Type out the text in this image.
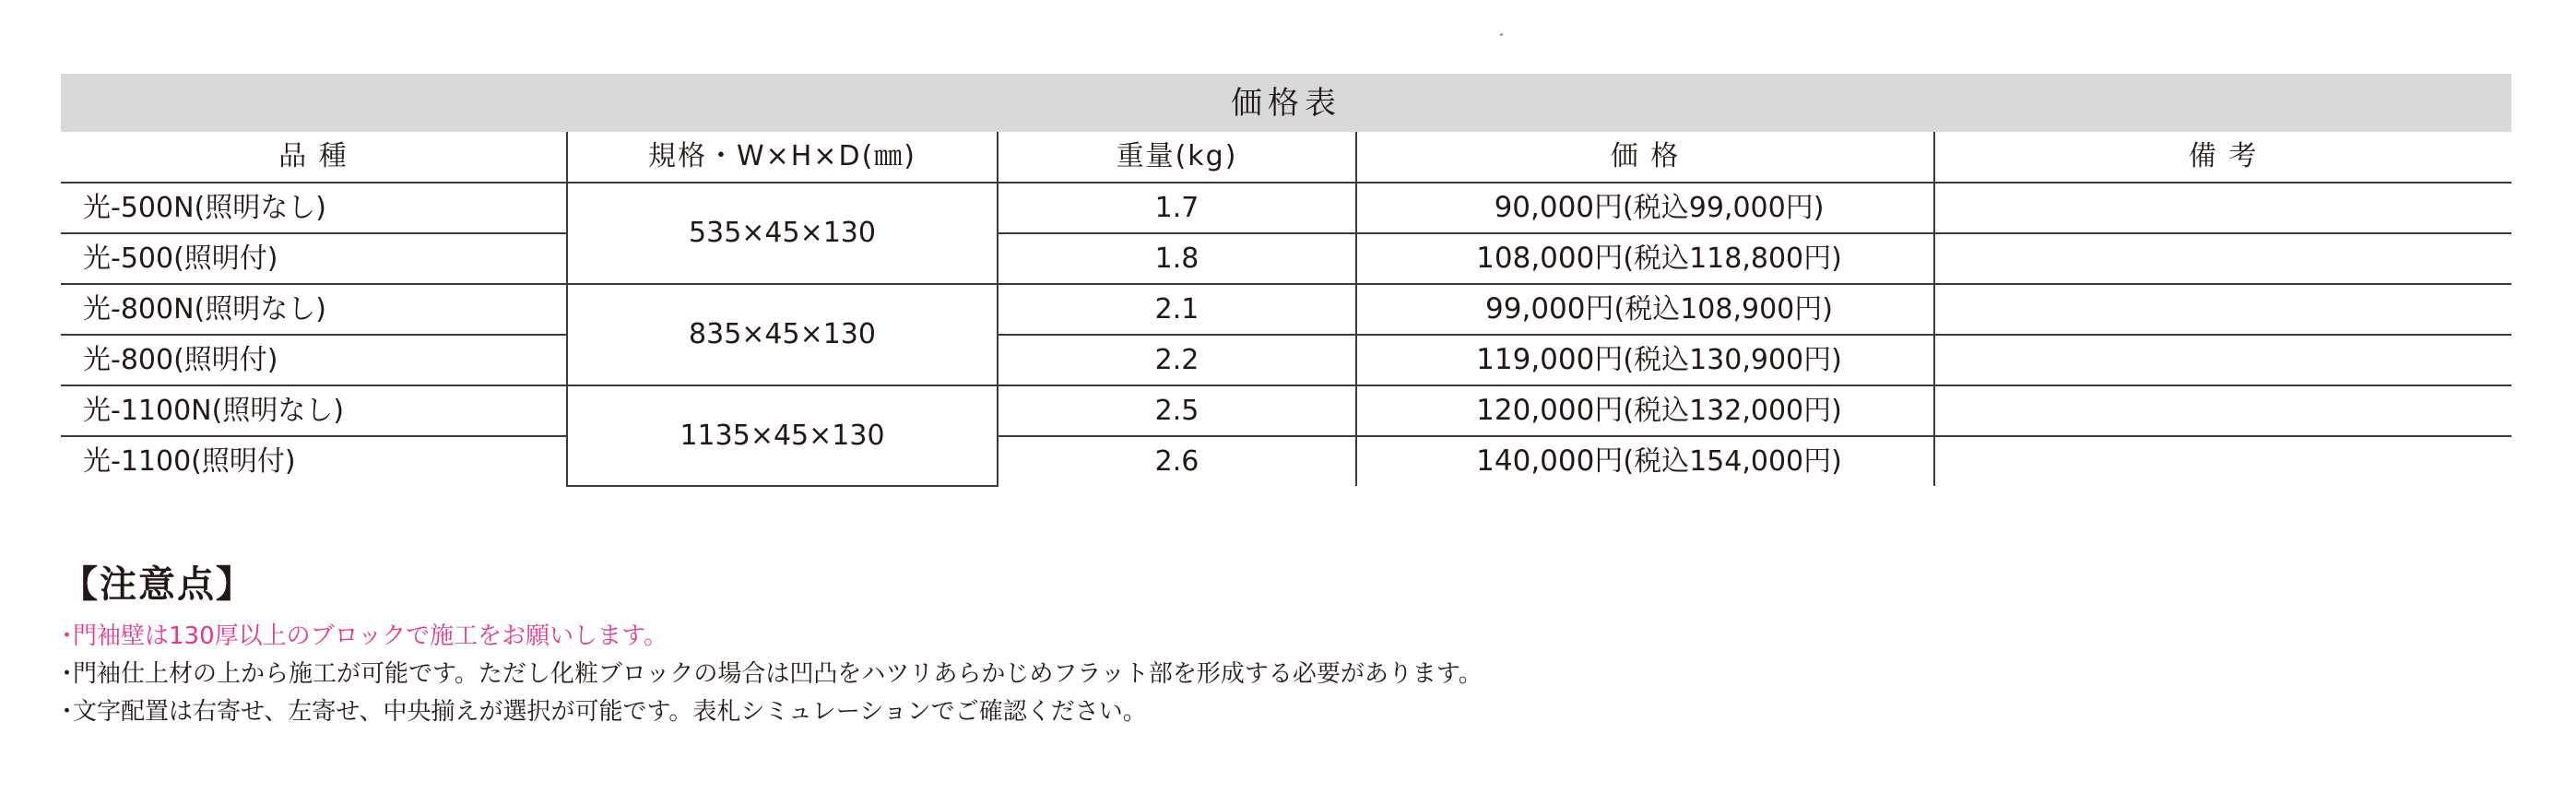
価格表				
品 種	規格・W×H×D(㎜)	重量(kg)	価 格	備 考
光-500N(照明なし)	535×45×130	1.7	90,000円(税込99,000円)	
光-500(照明付)		1.8	108,000円(税込118,800円)	
光-800N(照明なし)	835×45×130	2.1	99,000円(税込108,900円)	
光-800(照明付)		2.2	119,000円(税込130,900円)	
光-1100N(照明なし)	1135×45×130	2.5	120,000円(税込132,000円)	
光-1100(照明付)		2.6	140,000円(税込154,000円)	
【注意点】

･門袖壁は130厚以上のブロックで施工をお願いします。

･門袖仕上材の上から施工が可能です。ただし化粧ブロックの場合は凹凸をハツリあらかじめフラット部を形成する必要があります。

･文字配置は右寄せ、左寄せ、中央揃えが選択が可能です。表札シミュレーションでご確認ください。
